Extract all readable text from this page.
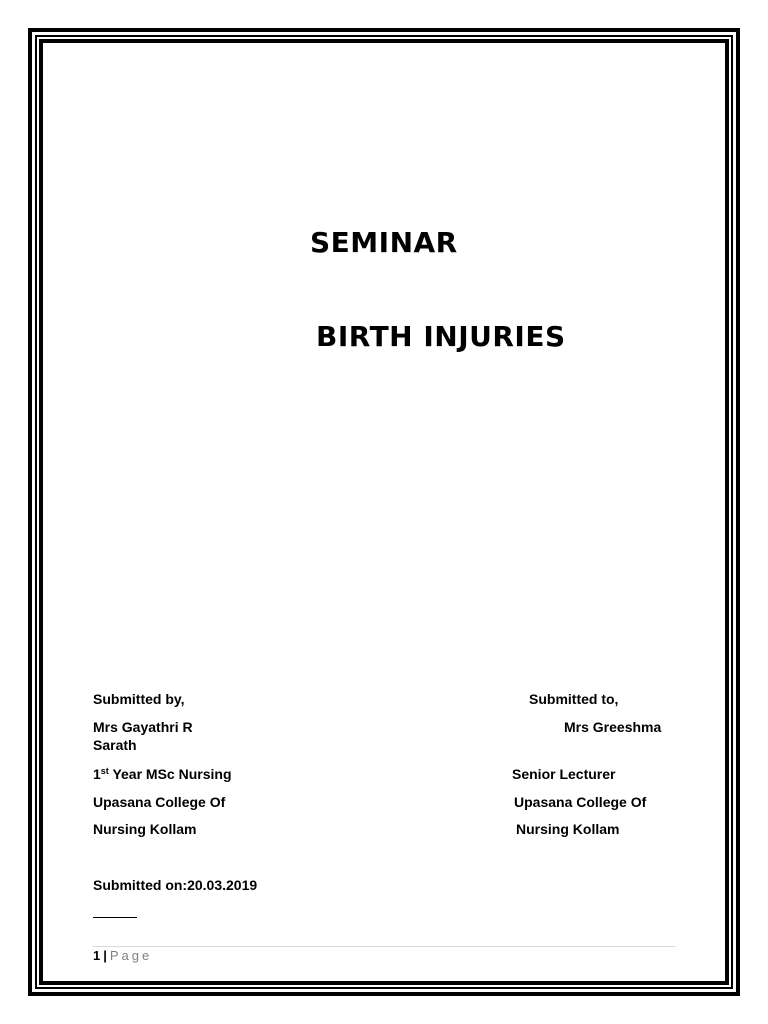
SEMINAR
BIRTH INJURIES
Submitted by,	Submitted to,
Mrs Gayathri R	Mrs Greeshma
Sarath
1st Year MSc Nursing	Senior Lecturer
Upasana College Of	Upasana College Of
Nursing Kollam	Nursing Kollam
Submitted on:20.03.2019
1 | Page
